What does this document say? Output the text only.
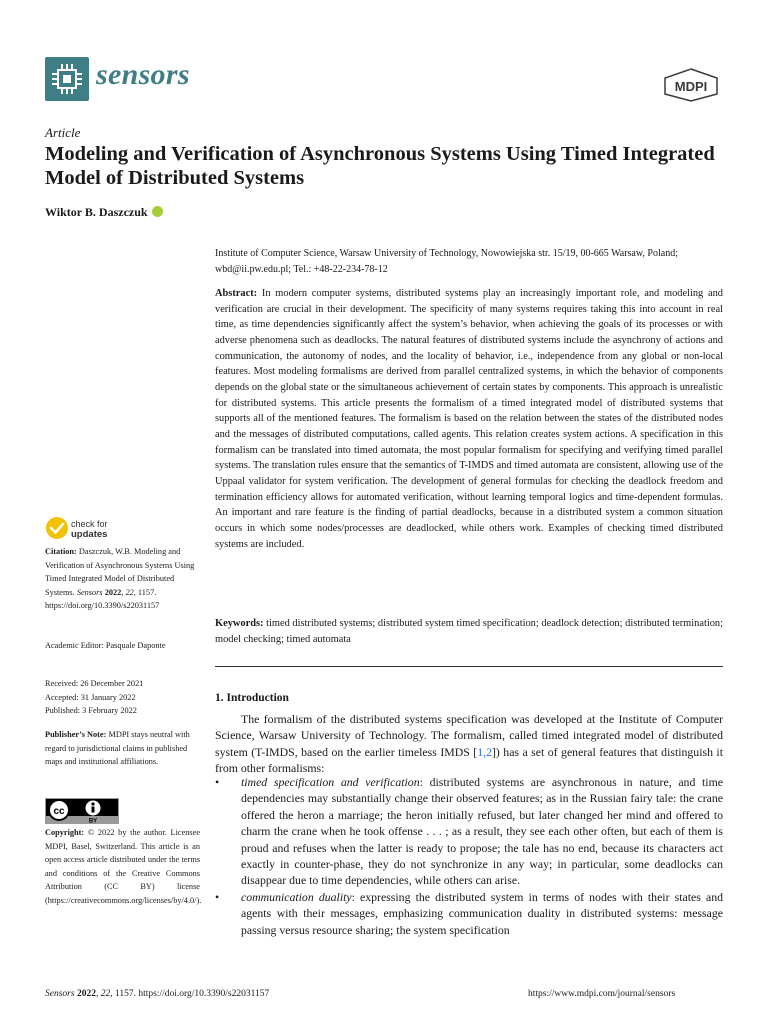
sensors	MDPI
Article
Modeling and Verification of Asynchronous Systems Using Timed Integrated Model of Distributed Systems
Wiktor B. Daszczuk
Institute of Computer Science, Warsaw University of Technology, Nowowiejska str. 15/19, 00-665 Warsaw, Poland;
wbd@ii.pw.edu.pl; Tel.: +48-22-234-78-12
Abstract: In modern computer systems, distributed systems play an increasingly important role, and modeling and verification are crucial in their development. The specificity of many systems requires taking this into account in real time, as time dependencies significantly affect the system’s behavior, when achieving the goals of its processes or with adverse phenomena such as deadlocks. The natural features of distributed systems include the asynchrony of actions and communication, the autonomy of nodes, and the locality of behavior, i.e., independence from any global or non-local features. Most modeling formalisms are derived from parallel centralized systems, in which the behavior of components depends on the global state or the simultaneous achievement of certain states by components. This approach is unrealistic for distributed systems. This article presents the formalism of a timed integrated model of distributed systems that supports all of the mentioned features. The formalism is based on the relation between the states of the distributed nodes and the messages of distributed computations, called agents. This relation creates system actions. A specification in this formalism can be translated into timed automata, the most popular formalism for specifying and verifying timed parallel systems. The translation rules ensure that the semantics of T-IMDS and timed automata are consistent, allowing use of the Uppaal validator for system verification. The development of general formulas for checking the deadlock freedom and termination efficiency allows for automated verification, without learning temporal logics and time-dependent formulas. An important and rare feature is the finding of partial deadlocks, because in a distributed system a common situation occurs in which some nodes/processes are deadlocked, while others work. Examples of checking timed distributed systems are included.
Keywords: timed distributed systems; distributed system timed specification; deadlock detection; distributed termination; model checking; timed automata
1. Introduction
The formalism of the distributed systems specification was developed at the Institute of Computer Science, Warsaw University of Technology. The formalism, called timed integrated model of distributed system (T-IMDS, based on the earlier timeless IMDS [1,2]) has a set of general features that distinguish it from other formalisms:
• timed specification and verification: distributed systems are asynchronous in nature, and time dependencies may substantially change their observed features; as in the Russian fairy tale: the crane offered the heron a marriage; the heron initially refused, but later changed her mind and offered to charm the crane when he took offense . . . ; as a result, they see each other often, but each of them is proud and refuses when the latter is ready to propose; the tale has no end, because its characters act exactly in counter-phase, they do not synchronize in any way; in particular, some deadlocks can disappear due to time dependencies, while others can arise.
• communication duality: expressing the distributed system in terms of nodes with their states and agents with their messages, emphasizing communication duality in distributed systems: message passing versus resource sharing; the system specification
check for
updates
Citation: Daszczuk, W.B. Modeling and Verification of Asynchronous Systems Using Timed Integrated Model of Distributed Systems. Sensors 2022, 22, 1157. https://doi.org/10.3390/s22031157
Academic Editor: Pasquale Daponte
Received: 26 December 2021
Accepted: 31 January 2022
Published: 3 February 2022
Publisher’s Note: MDPI stays neutral with regard to jurisdictional claims in published maps and institutional affiliations.
cc
BY
Copyright: © 2022 by the author. Licensee MDPI, Basel, Switzerland. This article is an open access article distributed under the terms and conditions of the Creative Commons Attribution (CC BY) license (https://creativecommons.org/licenses/by/4.0/).
Sensors 2022, 22, 1157. https://doi.org/10.3390/s22031157	https://www.mdpi.com/journal/sensors
